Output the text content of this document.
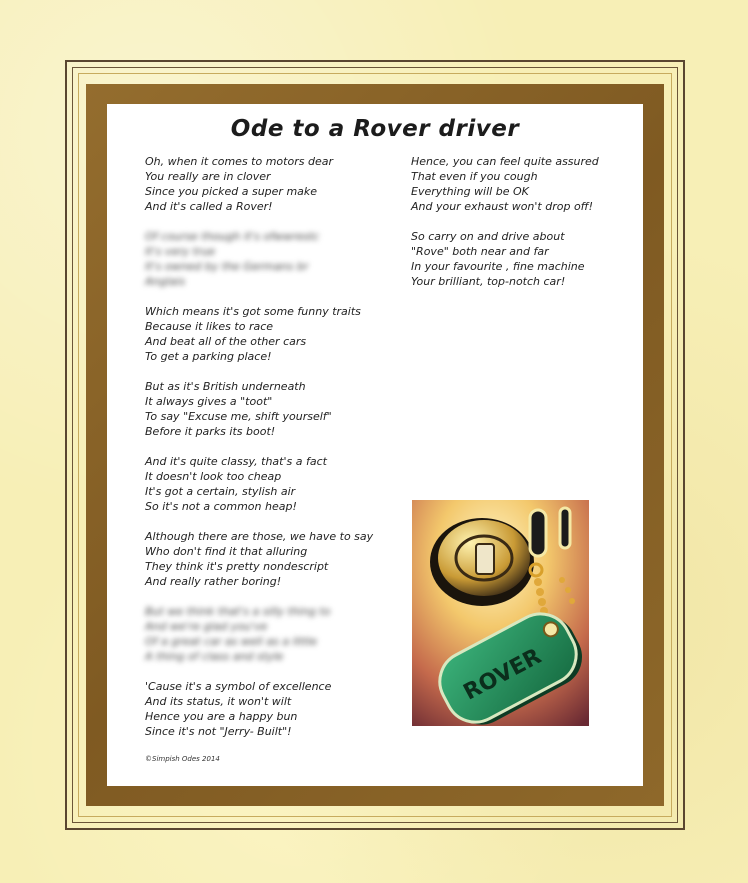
Ode to a Rover driver
Oh, when it comes to motors dear
You really are in clover
Since you picked a super make
And it's called a Rover!
Of course though it's ofwwrestc
It's very true
It's owned by the Germans br
Anglais
Which means it's got some funny traits
Because it likes to race
And beat all of the other cars
To get a parking place!
But as it's British underneath
It always gives a "toot"
To say "Excuse me, shift yourself"
Before it parks its boot!
And it's quite classy, that's a fact
It doesn't look too cheap
It's got a certain, stylish air
So it's not a common heap!
Although there are those, we have to say
Who don't find it that alluring
They think it's pretty nondescript
And really rather boring!
But we think that's a silly thing to
And we're glad you've
Of a great car as well as a little
A thing of class and style
'Cause it's a symbol of excellence
And its status, it won't wilt
Hence you are a happy bun
Since it's not "Jerry- Built"!
Hence, you can feel quite assured
That even if you cough
Everything will be OK
And your exhaust won't drop off!
So carry on and drive about
"Rove" both near and far
In your favourite , fine machine
Your brilliant, top-notch car!
ROVER
©Simpish Odes 2014
